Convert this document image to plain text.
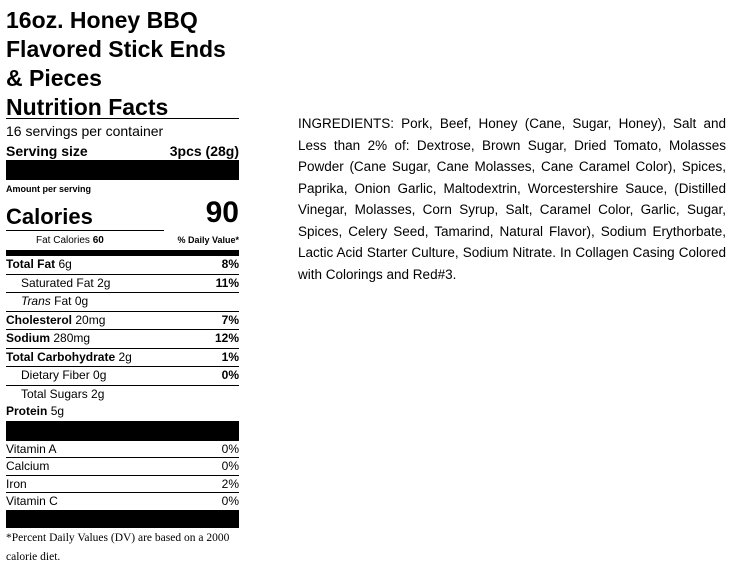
16oz. Honey BBQ
Flavored Stick Ends
& Pieces
Nutrition Facts
16 servings per container
Serving size	3pcs (28g)
Amount per serving
Calories	90
Fat Calories 60	% Daily Value*
Total Fat 6g	8%
Saturated Fat 2g	11%
Trans Fat 0g
Cholesterol 20mg	7%
Sodium 280mg	12%
Total Carbohydrate 2g	1%
Dietary Fiber 0g	0%
Total Sugars 2g
Protein 5g
Vitamin A	0%
Calcium	0%
Iron	2%
Vitamin C	0%
*Percent Daily Values (DV) are based on a 2000 calorie diet.

INGREDIENTS: Pork, Beef, Honey (Cane, Sugar, Honey), Salt and Less than 2% of: Dextrose, Brown Sugar, Dried Tomato, Molasses Powder (Cane Sugar, Cane Molasses, Cane Caramel Color), Spices, Paprika, Onion Garlic, Maltodextrin, Worcestershire Sauce, (Distilled Vinegar, Molasses, Corn Syrup, Salt, Caramel Color, Garlic, Sugar, Spices, Celery Seed, Tamarind, Natural Flavor), Sodium Erythorbate, Lactic Acid Starter Culture, Sodium Nitrate. In Collagen Casing Colored with Colorings and Red#3.
